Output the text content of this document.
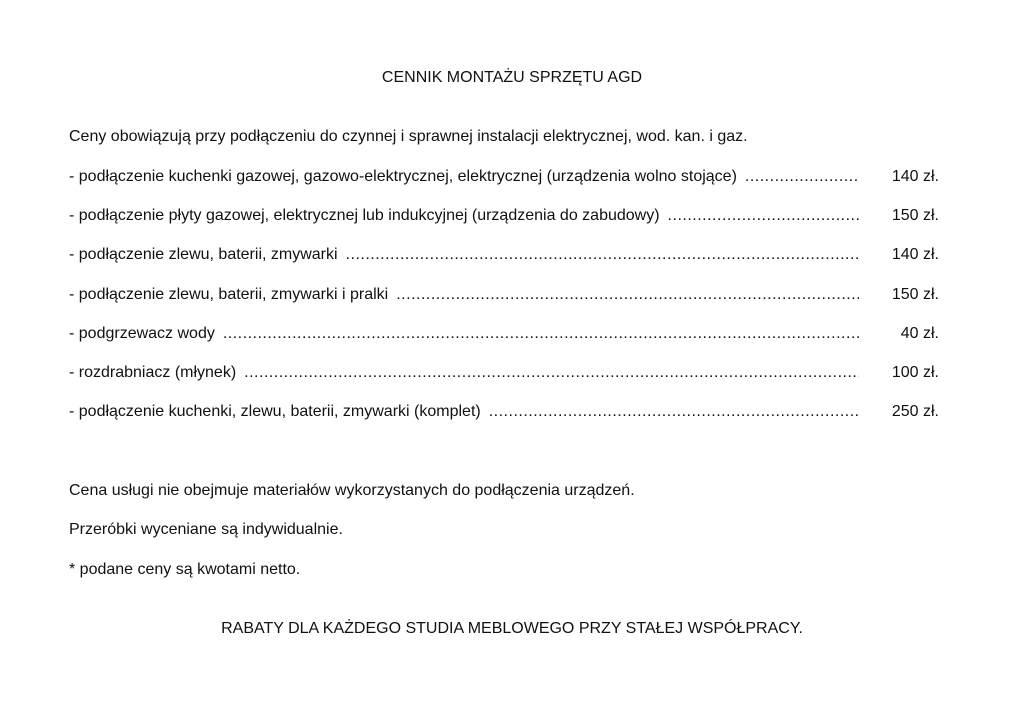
CENNIK MONTAŻU SPRZĘTU AGD
Ceny obowiązują przy podłączeniu do czynnej i sprawnej instalacji elektrycznej, wod. kan. i gaz.
- podłączenie kuchenki gazowej, gazowo-elektrycznej, elektrycznej (urządzenia wolno stojące) .....	140 zł.
- podłączenie płyty gazowej, elektrycznej lub indukcyjnej (urządzenia do zabudowy) .....	150 zł.
- podłączenie zlewu, baterii, zmywarki .....	140 zł.
- podłączenie zlewu, baterii, zmywarki i pralki .....	150 zł.
- podgrzewacz wody .....	40 zł.
- rozdrabniacz (młynek) .....	100 zł.
- podłączenie kuchenki, zlewu, baterii, zmywarki (komplet) .....	250 zł.
Cena usługi nie obejmuje materiałów wykorzystanych do podłączenia urządzeń.
Przeróbki wyceniane są indywidualnie.
* podane ceny są kwotami netto.
RABATY DLA KAŻDEGO STUDIA MEBLOWEGO PRZY STAŁEJ WSPÓŁPRACY.
